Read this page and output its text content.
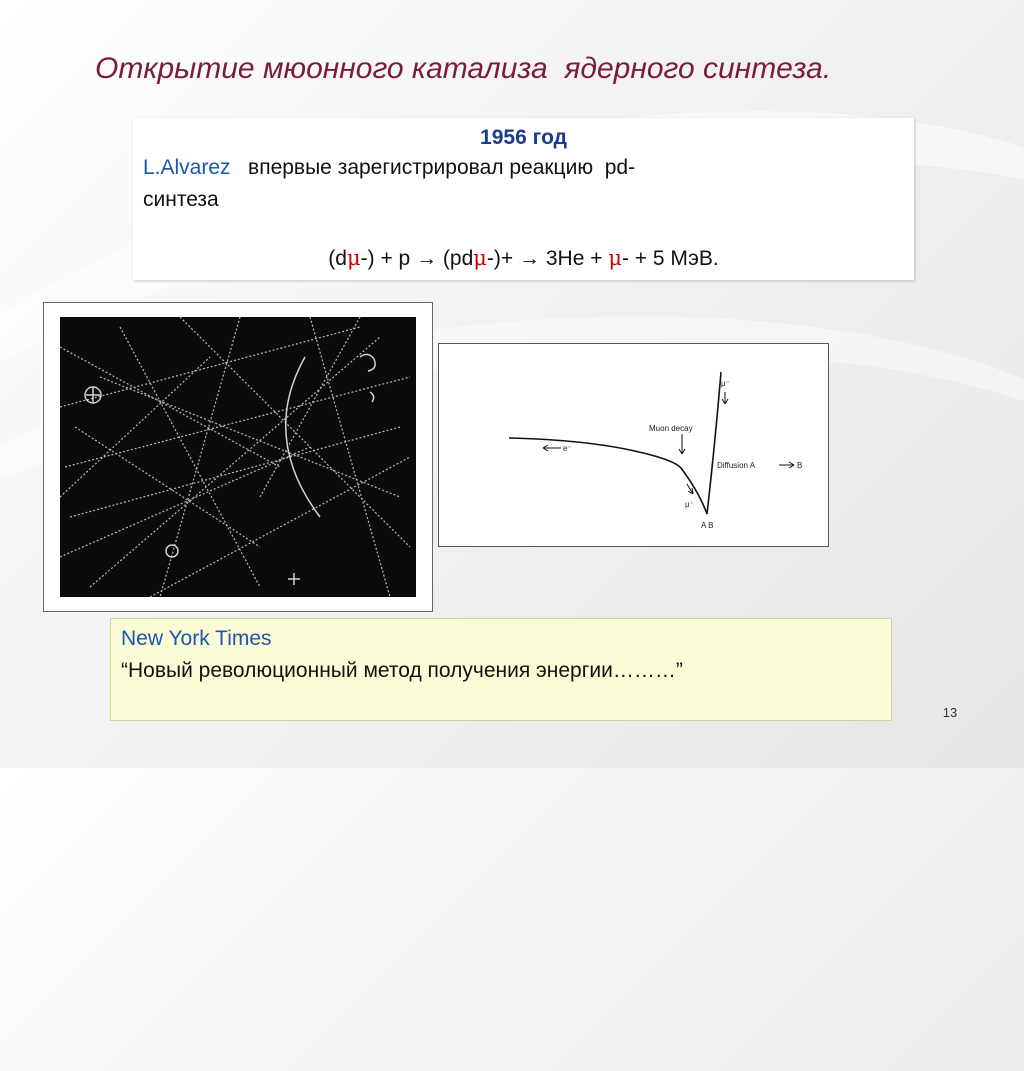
Открытие мюонного катализа  ядерного синтеза.
1956 год
L.Alvarez   впервые зарегистрировал реакцию  pd-
синтеза
(dμ-) + p → (pdμ-)+ → 3He + μ- + 5 МэВ.
μ⁻
Muon decay
e⁻
Diffusion A	B
μ⁻
A B
New York Times
“Новый революционный метод получения энергии………”
13
